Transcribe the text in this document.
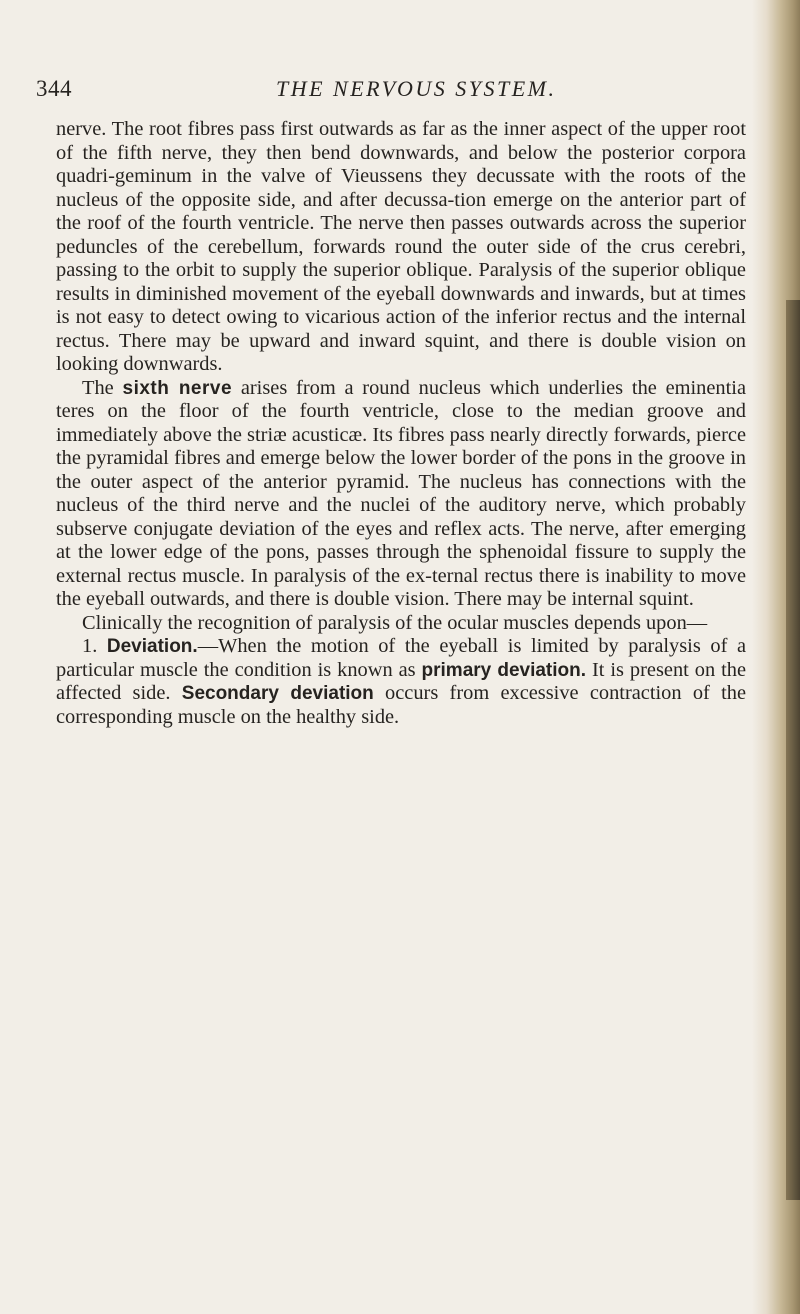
344	THE NERVOUS SYSTEM.

nerve. The root fibres pass first outwards as far as the inner aspect of the upper root of the fifth nerve, they then bend downwards, and below the posterior corpora quadri-geminum in the valve of Vieussens they decussate with the roots of the nucleus of the opposite side, and after decussa-tion emerge on the anterior part of the roof of the fourth ventricle. The nerve then passes outwards across the superior peduncles of the cerebellum, forwards round the outer side of the crus cerebri, passing to the orbit to supply the superior oblique. Paralysis of the superior oblique results in diminished movement of the eyeball downwards and inwards, but at times is not easy to detect owing to vicarious action of the inferior rectus and the internal rectus. There may be upward and inward squint, and there is double vision on looking downwards.

The sixth nerve arises from a round nucleus which underlies the eminentia teres on the floor of the fourth ventricle, close to the median groove and immediately above the striæ acusticæ. Its fibres pass nearly directly forwards, pierce the pyramidal fibres and emerge below the lower border of the pons in the groove in the outer aspect of the anterior pyramid. The nucleus has connections with the nucleus of the third nerve and the nuclei of the auditory nerve, which probably subserve conjugate deviation of the eyes and reflex acts. The nerve, after emerging at the lower edge of the pons, passes through the sphenoidal fissure to supply the external rectus muscle. In paralysis of the ex-ternal rectus there is inability to move the eyeball outwards, and there is double vision. There may be internal squint.

Clinically the recognition of paralysis of the ocular muscles depends upon—

1. Deviation.—When the motion of the eyeball is limited by paralysis of a particular muscle the condition is known as primary deviation. It is present on the affected side. Secondary deviation occurs from excessive contraction of the corresponding muscle on the healthy side.
